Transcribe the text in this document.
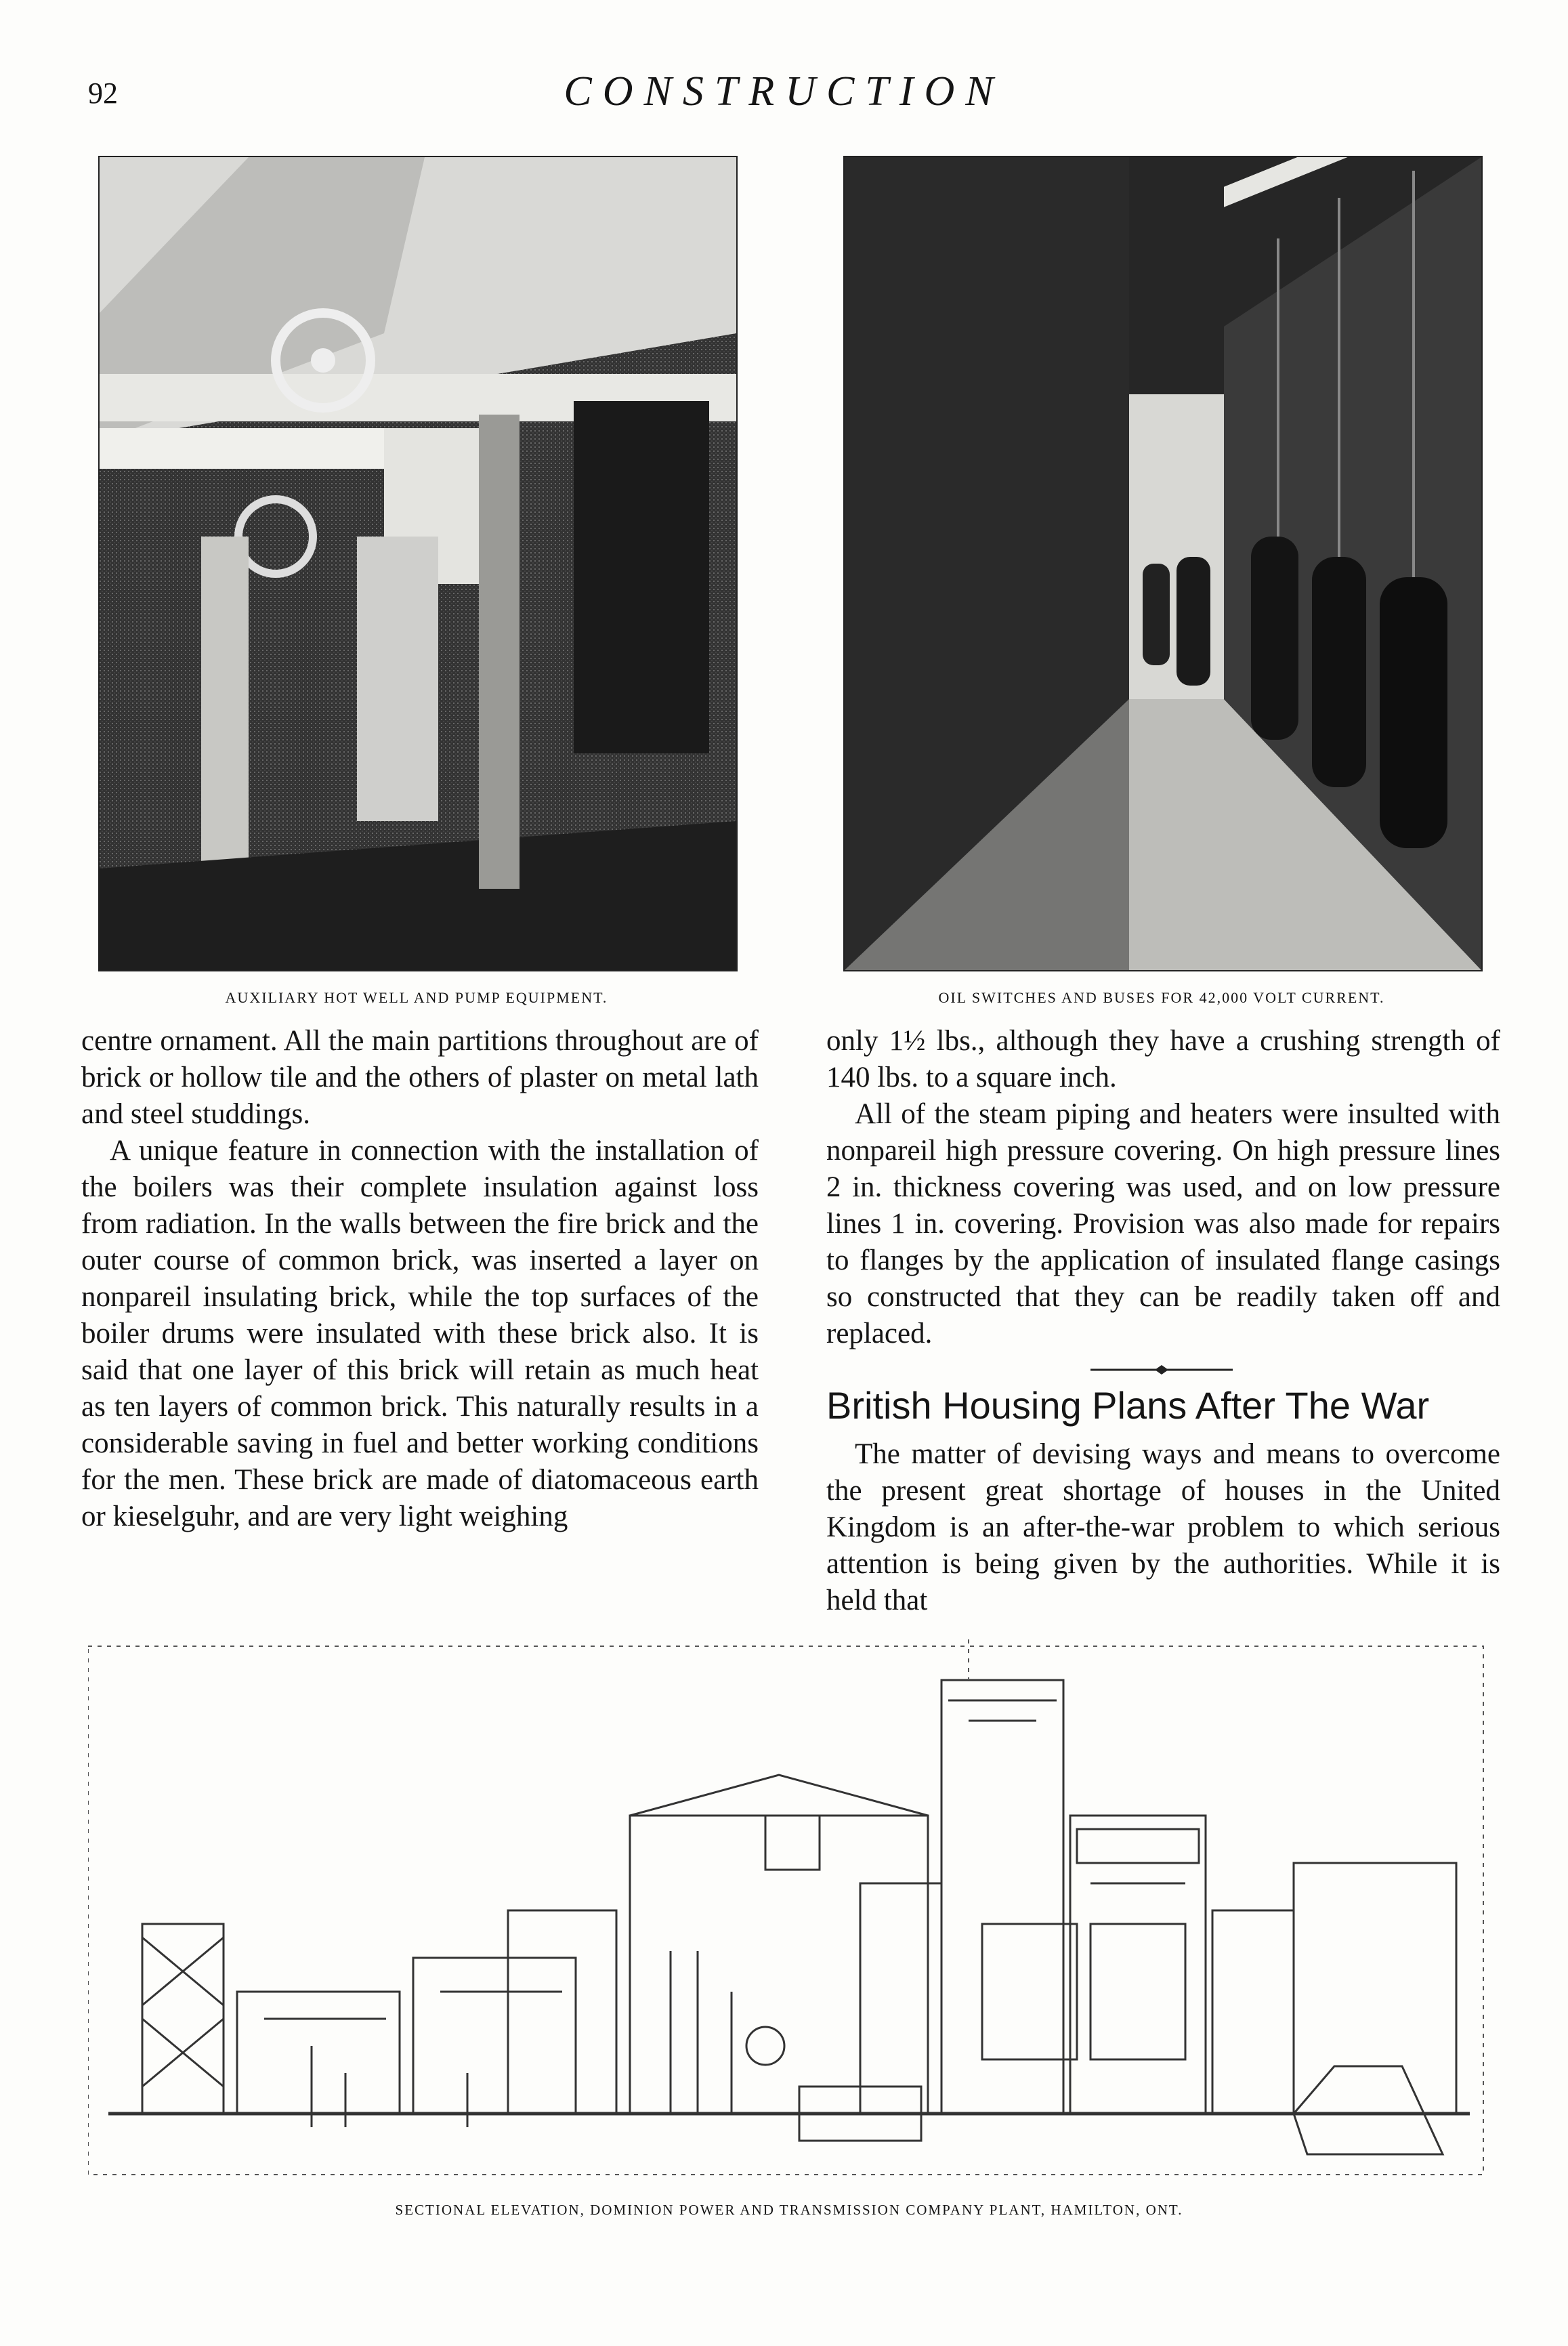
92	CONSTRUCTION
AUXILIARY HOT WELL AND PUMP EQUIPMENT.	OIL SWITCHES AND BUSES FOR 42,000 VOLT CURRENT.

centre ornament. All the main partitions throughout are of brick or hollow tile and the others of plaster on metal lath and steel studdings.

A unique feature in connection with the installation of the boilers was their complete insulation against loss from radiation. In the walls between the fire brick and the outer course of common brick, was inserted a layer on nonpareil insulating brick, while the top surfaces of the boiler drums were insulated with these brick also. It is said that one layer of this brick will retain as much heat as ten layers of common brick. This naturally results in a considerable saving in fuel and better working conditions for the men. These brick are made of diatomaceous earth or kieselguhr, and are very light weighing

only 1½ lbs., although they have a crushing strength of 140 lbs. to a square inch.

All of the steam piping and heaters were insulted with nonpareil high pressure covering. On high pressure lines 2 in. thickness covering was used, and on low pressure lines 1 in. covering. Provision was also made for repairs to flanges by the application of insulated flange casings so constructed that they can be readily taken off and replaced.

British Housing Plans After The War

The matter of devising ways and means to overcome the present great shortage of houses in the United Kingdom is an after-the-war problem to which serious attention is being given by the authorities. While it is held that

SECTIONAL ELEVATION, DOMINION POWER AND TRANSMISSION COMPANY PLANT, HAMILTON, ONT.
